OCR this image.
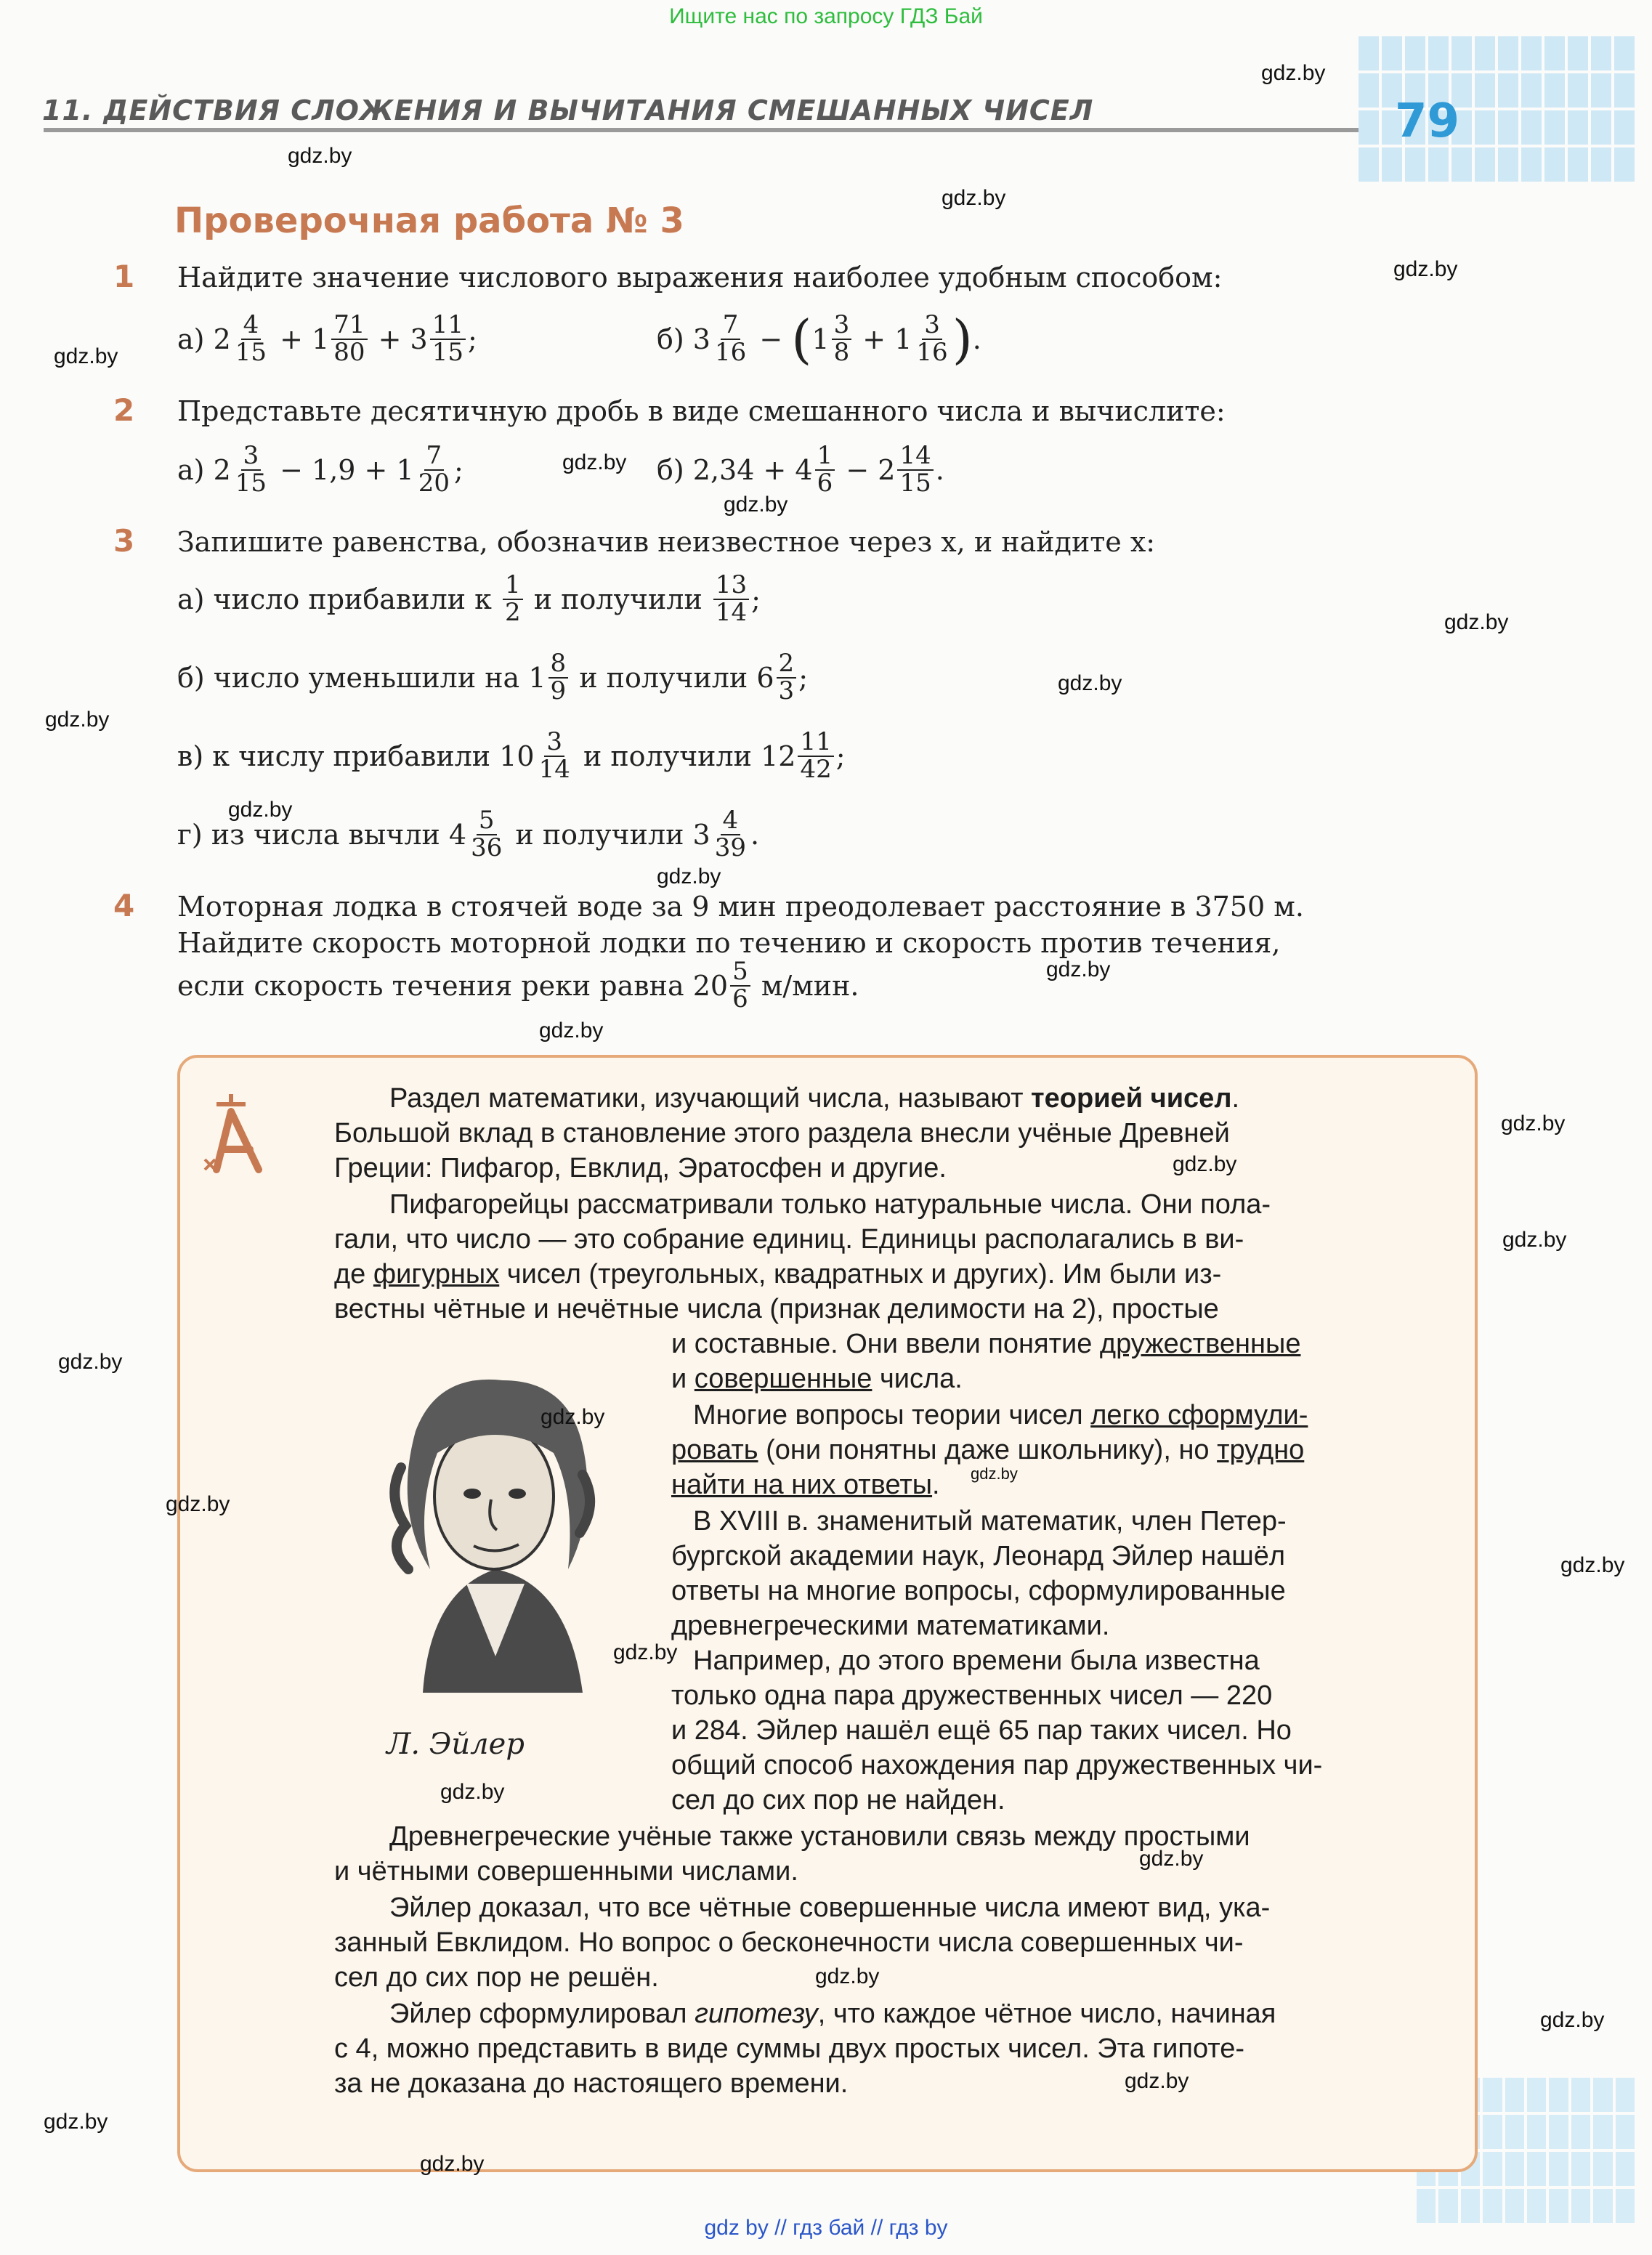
Ищите нас по запросу ГДЗ Бай
11. ДЕЙСТВИЯ СЛОЖЕНИЯ И ВЫЧИТАНИЯ СМЕШАННЫХ ЧИСЕЛ	79
Проверочная работа № 3
1 Найдите значение числового выражения наиболее удобным способом:
а)
$2 \frac{4}{15}$
+
$1 \frac{71}{80}$
+
$3 \frac{11}{15}$ ;	б)
$3 \frac{7}{16}$
−
( $1 \frac{3}{8}$
+
$1 \frac{3}{16}$ ) .
2 Представьте десятичную дробь в виде смешанного числа и вычислите:
а)
$2 \frac{3}{15}$
− 1,9 +
$1 \frac{7}{20}$ ;	б)
2,34 +
$4 \frac{1}{6}$
−
$2 \frac{14}{15}$ .
3 Запишите равенства, обозначив неизвестное через x, и найдите x:
а) число прибавили к
$\frac{1}{2}$
и получили
$\frac{13}{14}$ ;
б) число уменьшили на
$1 \frac{8}{9}$
и получили
$6 \frac{2}{3}$ ;
в) к числу прибавили
$10 \frac{3}{14}$
и получили
$12 \frac{11}{42}$ ;
г) из числа вычли
$4 \frac{5}{36}$
и получили
$3 \frac{4}{39}$ .
4 Моторная лодка в стоячей воде за 9 мин преодолевает расстояние в 3750 м.
Найдите скорость моторной лодки по течению и скорость против течения,
если скорость течения реки равна
$20 \frac{5}{6}$
м/мин.
Раздел математики, изучающий числа, называют теорией чисел.
Большой вклад в становление этого раздела внесли учёные Древней
Греции: Пифагор, Евклид, Эратосфен и другие.
Пифагорейцы рассматривали только натуральные числа. Они пола-
гали, что число — это собрание единиц. Единицы располагались в ви-
де фигурных чисел (треугольных, квадратных и других). Им были из-
вестны чётные и нечётные числа (признак делимости на 2), простые
и составные. Они ввели понятие дружественные
и совершенные числа.
Многие вопросы теории чисел легко сформули-
ровать (они понятны даже школьнику), но трудно
найти на них ответы.
В XVIII в. знаменитый математик, член Петер-
бургской академии наук, Леонард Эйлер нашёл
ответы на многие вопросы, сформулированные
древнегреческими математиками.
Например, до этого времени была известна
только одна пара дружественных чисел — 220
и 284. Эйлер нашёл ещё 65 пар таких чисел. Но
общий способ нахождения пар дружественных чи-
сел до сих пор не найден.
Древнегреческие учёные также установили связь между простыми
и чётными совершенными числами.
Эйлер доказал, что все чётные совершенные числа имеют вид, ука-
занный Евклидом. Но вопрос о бесконечности числа совершенных чи-
сел до сих пор не решён.
Эйлер сформулировал гипотезу, что каждое чётное число, начиная
с 4, можно представить в виде суммы двух простых чисел. Эта гипоте-
за не доказана до настоящего времени.
Л. Эйлер
gdz.by
gdz.by
gdz.by
gdz.by
gdz.by
gdz.by
gdz.by
gdz.by
gdz.by
gdz.by
gdz.by
gdz.by
gdz.by
gdz.by
gdz.by
gdz.by
gdz.by
gdz.by
gdz.by
gdz.by
gdz.by
gdz.by
gdz.by
gdz.by
gdz.by
gdz.by
gdz.by
gdz.by
gdz.by
gdz.by
gdz by // гдз бай // гдз by
